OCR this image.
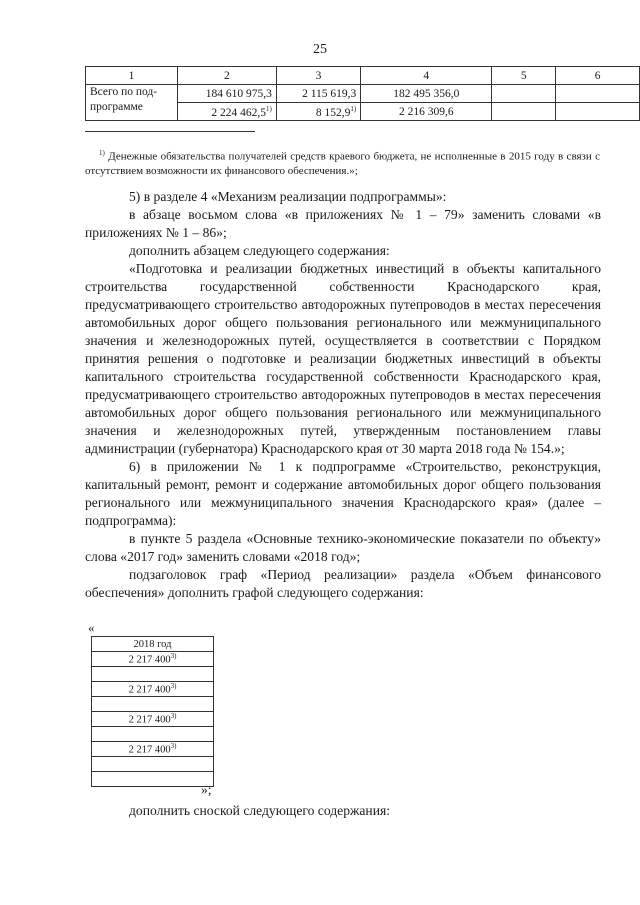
25
1	2	3	4	5	6
Всего по под-программе	184 610 975,3	2 115 619,3	182 495 356,0		
	2 224 462,5$^{1)}$	8 152,9$^{1)}$	2 216 309,6		
$^{1)}$ Денежные обязательства получателей средств краевого бюджета, не исполненные в 2015 году в связи с отсутствием возможности их финансового обеспечения.»;

5) в разделе 4 «Механизм реализации подпрограммы»:

в абзаце восьмом слова «в приложениях № 1 – 79» заменить словами «в приложениях № 1 – 86»;

дополнить абзацем следующего содержания:

«Подготовка и реализации бюджетных инвестиций в объекты капитального строительства государственной собственности Краснодарского края, предусматривающего строительство автодорожных путепроводов в местах пересечения автомобильных дорог общего пользования регионального или межмуниципального значения и железнодорожных путей, осуществляется в соответствии с Порядком принятия решения о подготовке и реализации бюджетных инвестиций в объекты капитального строительства государственной собственности Краснодарского края, предусматривающего строительство автодорожных путепроводов в местах пересечения автомобильных дорог общего пользования регионального или межмуниципального значения и железнодорожных путей, утвержденным постановлением главы администрации (губернатора) Краснодарского края от 30 марта 2018 года № 154.»;

6) в приложении № 1 к подпрограмме «Строительство, реконструкция, капитальный ремонт, ремонт и содержание автомобильных дорог общего пользования регионального или межмуниципального значения Краснодарского края» (далее – подпрограмма):

в пункте 5 раздела «Основные технико-экономические показатели по объекту» слова «2017 год» заменить словами «2018 год»;

подзаголовок граф «Период реализации» раздела «Объем финансового обеспечения» дополнить графой следующего содержания:

«
2018 год
2 217 400$^{3)}$

2 217 400$^{3)}$

2 217 400$^{3)}$

2 217 400$^{3)}$

»;
дополнить сноской следующего содержания:
